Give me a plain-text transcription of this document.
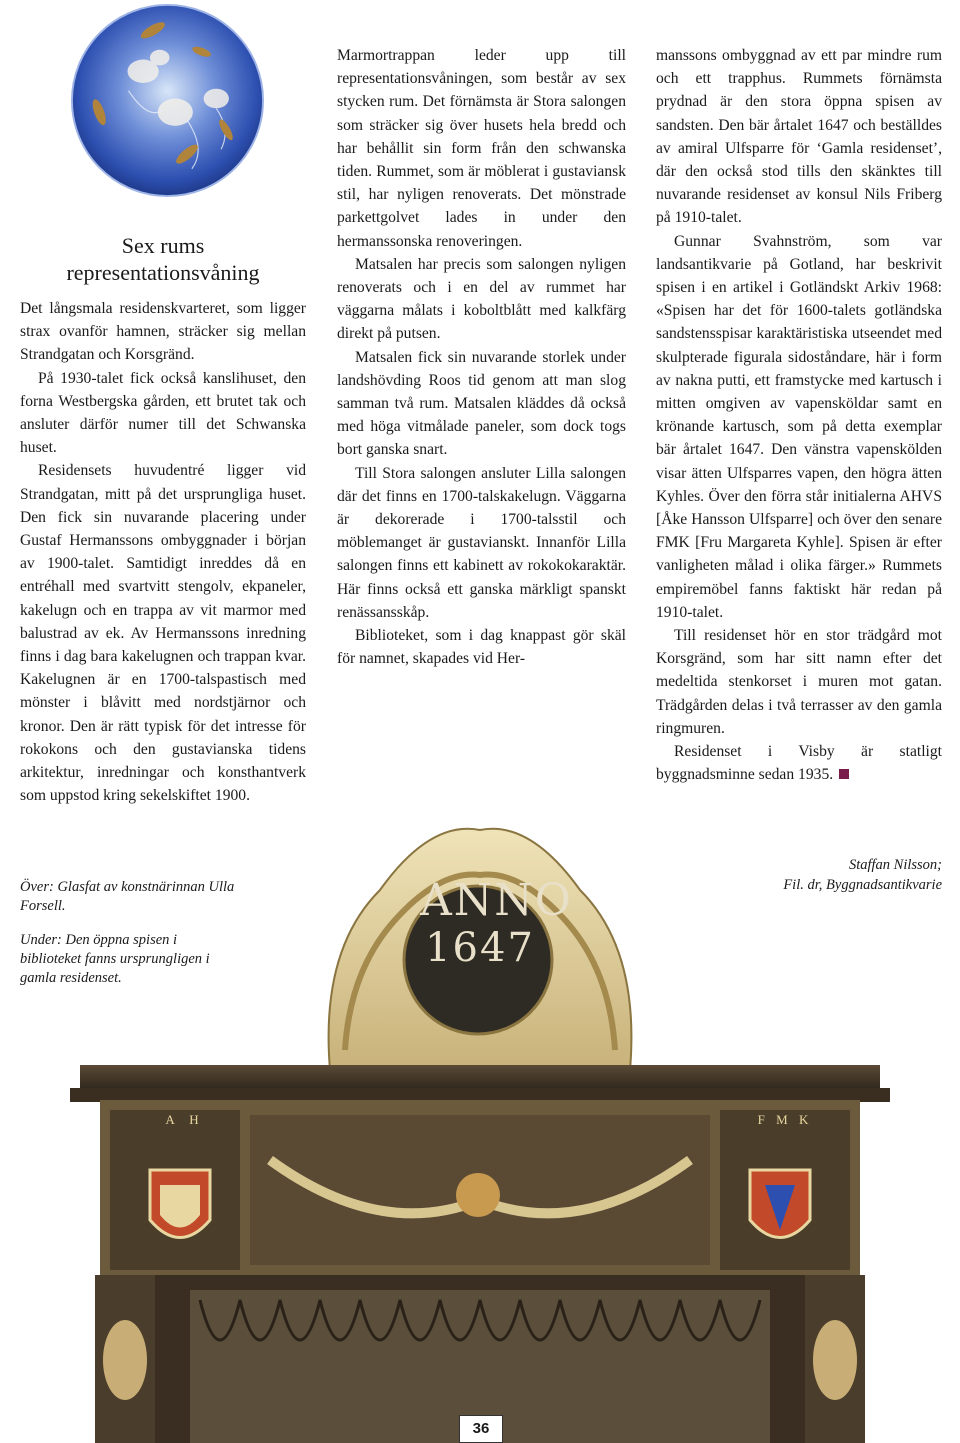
Sex rums
representationsvåning

Det långsmala residenskvarteret, som ligger strax ovanför hamnen, sträcker sig mellan Strandgatan och Korsgränd.

På 1930-talet fick också kanslihuset, den forna Westbergska gården, ett brutet tak och ansluter därför numer till det Schwanska huset.

Residensets huvudentré ligger vid Strandgatan, mitt på det ursprungliga huset. Den fick sin nuvarande placering under Gustaf Hermanssons ombyggnader i början av 1900-talet. Samtidigt inreddes då en entréhall med svartvitt stengolv, ekpaneler, kakelugn och en trappa av vit marmor med balustrad av ek. Av Hermanssons inredning finns i dag bara kakelugnen och trappan kvar. Kakelugnen är en 1700-talspastisch med mönster i blåvitt med nordstjärnor och kronor. Den är rätt typisk för det intresse för rokokons och den gustavianska tidens arkitektur, inredningar och konsthantverk som uppstod kring sekelskiftet 1900.

Över: Glasfat av konstnärinnan Ulla Forsell.
Under: Den öppna spisen i biblioteket fanns ursprungligen i gamla residenset.

Marmortrappan leder upp till representationsvåningen, som består av sex stycken rum. Det förnämsta är Stora salongen som sträcker sig över husets hela bredd och har behållit sin form från den schwanska tiden. Rummet, som är möblerat i gustaviansk stil, har nyligen renoverats. Det mönstrade parkettgolvet lades in under den hermanssonska renoveringen.

Matsalen har precis som salongen nyligen renoverats och i en del av rummet har väggarna målats i koboltblått med kalkfärg direkt på putsen.

Matsalen fick sin nuvarande storlek under landshövding Roos tid genom att man slog samman två rum. Matsalen kläddes då också med höga vitmålade paneler, som dock togs bort ganska snart.

Till Stora salongen ansluter Lilla salongen där det finns en 1700-talskakelugn. Väggarna är dekorerade i 1700-talsstil och möblemanget är gustavianskt. Innanför Lilla salongen finns ett kabinett av rokokokaraktär. Här finns också ett ganska märkligt spanskt renässansskåp.

Biblioteket, som i dag knappast gör skäl för namnet, skapades vid Her-

ANNO
1647
A H	F M K

manssons ombyggnad av ett par mindre rum och ett trapphus. Rummets förnämsta prydnad är den stora öppna spisen av sandsten. Den bär årtalet 1647 och beställdes av amiral Ulfsparre för ‘Gamla residenset’, där den också stod tills den skänktes till nuvarande residenset av konsul Nils Friberg på 1910-talet.

Gunnar Svahnström, som var landsantikvarie på Gotland, har beskrivit spisen i en artikel i Gotländskt Arkiv 1968: «Spisen har det för 1600-talets gotländska sandstensspisar karaktäristiska utseendet med skulpterade figurala sidoståndare, här i form av nakna putti, ett framstycke med kartusch i mitten omgiven av vapensköldar samt en krönande kartusch, som på detta exemplar bär årtalet 1647. Den vänstra vapenskölden visar ätten Ulfsparres vapen, den högra ätten Kyhles. Över den förra står initialerna AHVS [Åke Hansson Ulfsparre] och över den senare FMK [Fru Margareta Kyhle]. Spisen är efter vanligheten målad i olika färger.» Rummets empiremöbel fanns faktiskt här redan på 1910-talet.

Till residenset hör en stor trädgård mot Korsgränd, som har sitt namn efter det medeltida stenkorset i muren mot gatan. Trädgården delas i två terrasser av den gamla ringmuren.

Residenset i Visby är statligt byggnadsminne sedan 1935.

Staffan Nilsson;
Fil. dr, Byggnadsantikvarie
36
